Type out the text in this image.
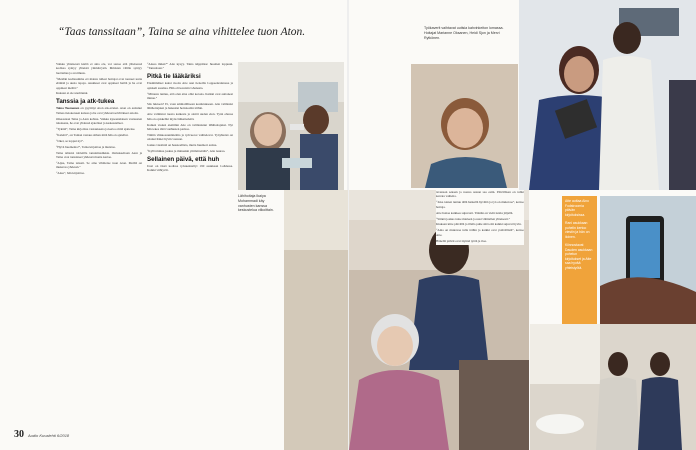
“Taas tanssitaan”, Taina se aina vihittelee tuon Aton.

Vaikka yhteisessä kieltä ei aina ole, voi sanoa että yhteisessä kodissa syntyy yhteistä ymmärrystä. Ihmisten välille syntyy luottamus ja avoimuus.

“Meidän kodissamme eri maista tulleet hoitajat ovat tuoneet uutta elämää ja uusia tapoja. Asukkaat ovat oppineet heiltä ja he ovat oppineet meiltä.”

Kukaan ei ole unohtunut.

Tanssia ja atk-tukea

Taina Tuomonen on pyytänyt Aton atk-avuksi. Aton on auttanut Tainaa tietokoneen kanssa ja he ovat yhdessä selvittäneet asioita.

Oikeastaan Taina ja Aton kohtaa. Vaikka kyseenalaisen vastausten tuloksena, he ovat yhdessä ajatelleet ja keskustelleet.

“Tykätä”, Taina kirjoittaa vastauksena ja kertoo mitä ajattelee.

“Keleitä”, on Tainan vastaus siihen mitä hän on ajatellut.

“Okei, se loppui nyt”.

“Hyvä huomenta!”, Taina kirjoittaa ja muistaa.

Taina tahtoisi tabletilla tanssimusiikkia. Osmokseltaan Aton ja Taina ovat tanssineet yhdessä monta kertaa.

“Aijaa, Taina tanssii. Se aina vihittelee tuon Aton. Meillä on mukavaa yhdessä.”

“Ansa”, hän kirjoittaa.

“Ansaa miksi?” Atte kysyy. Taina näppäilee: huomen loppuun. “Tanssitaan.”

Pitkä tie lääkäriksi

Ensimmäiset kaksi vuotta Atte asui tienoilla Lappeenrannassa ja opiskeli suomea. Hän oli kotoisin Ghanasta.

“Minusta tuntuu, että olen aina ollut kotona. Kaikki ovat auttaneet minua.”

Siis lukioon? Ei, vaan ammatilliseen koulutukseen. Atte valmistui lähihoitajaksi ja hakeutui hoitokotiin töihin.

Atte valmistui tuosta kaikesta ja aloitti uuden elon. Työn ohessa hän on opiskellut myös lääketiedettä.

Kaiken vuoksi aiemmin Atte on valmistunut lähihoitajaksi. Nyt hän tekee töitä vanhusten parissa.

Tiimin viikkosuunnitelma ja työvuorot vaihtelevat. Työyhteisö on ottanut hänet hyvin vastaan.

Joskus viestintä on haasteellista, mutta huumori auttaa.

“Kyllä minua joskus ja minuakin ymmärretään”, Atte nauraa.

Sellainen päivä, että huh

Uusi on tässä kodissa työskennellyt 190 asukkaan Lahdessa. Kaikki viihtyvät.

Lähihoitaja Ikaiya Mohammadi käy vanhusten kanssa keskustelua viikoittain.
Työkaverit vaihtavat uutisia kahvinkeiton lomassa. Hoitajat Marianne Oksanen, Heidi Sjon ja Mervi Rytkönen.

tavanaan sekaan ja nostaa asiaan saa esiin. Päivällisen on tullut kerrata vaiheita.

“Joka toinen tuntuu tällä hetkellä hyvältä ja työ on mukavaa”, kertoo hoitaja.

Atte hoitaa kaikkea sujuvasti. Tänään on vielä tuntia jäljellä.

“Siinnä joskus tulee mieleen ja uusi vähitellen yhteisesti.”

Kiukaan kiire päivällä ja illalla puhe siitä että kaikki sujuvat hyvin.

“Aina on mukavaa tulla töihin ja kaikki ovat ystävällisiä”, kertoo Atte.

Hänellä päivät ovat täynnä työtä ja iloa.

Atte auttaa Aino Fodstroomia päivän kirjoituksissa.

Rani asukkaan puhelin kertoo viestin ja hän on iloinen.

Kiinnostavat Dauden asukkaan puhelun kirjoitukset ja Atte saa hyvää yhteistyötä.

30 Audio Kuvalehti 6/2018
